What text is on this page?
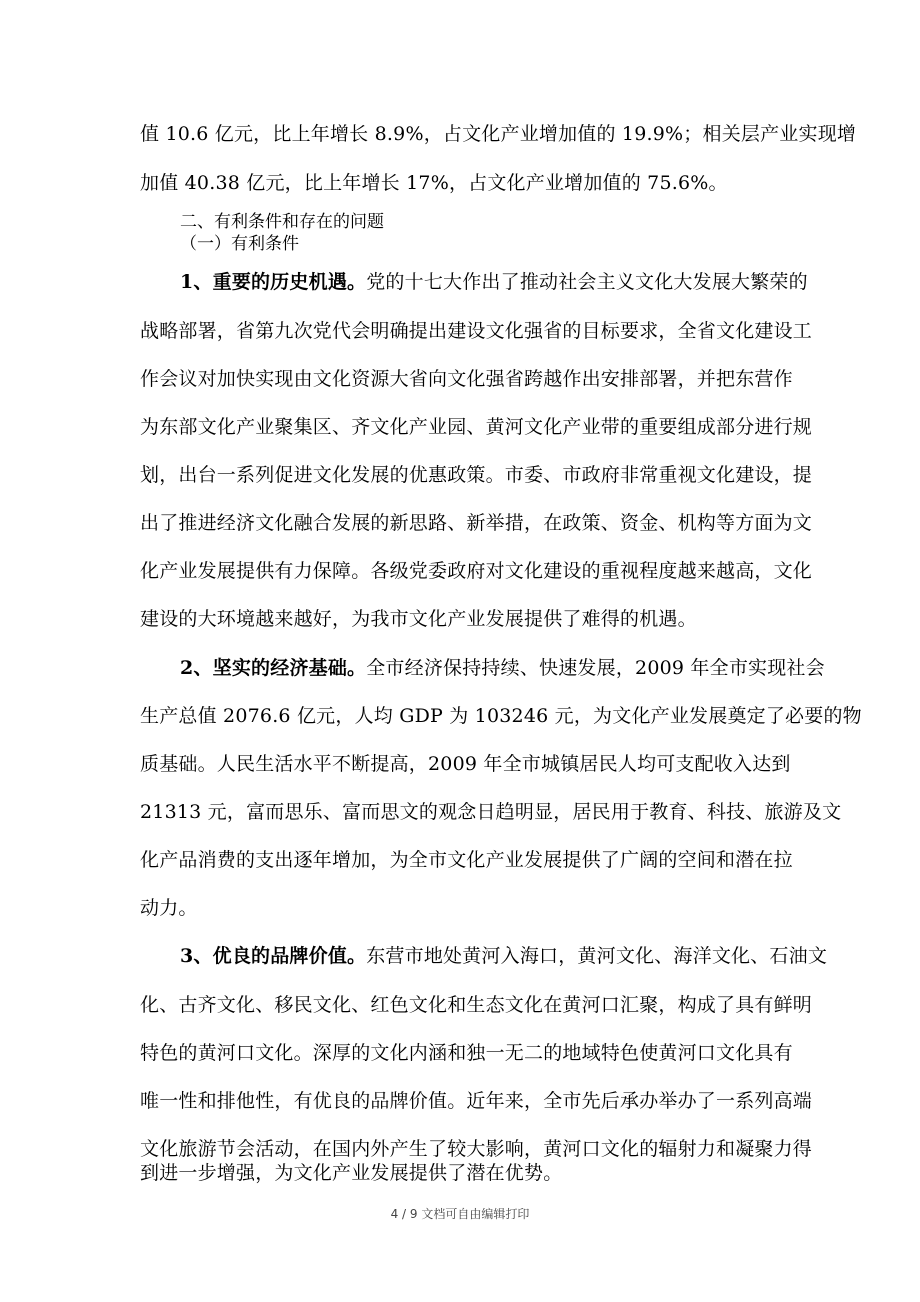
值 10.6 亿元，比上年增长 8.9%，占文化产业增加值的 19.9%；相关层产业实现增
加值 40.38 亿元，比上年增长 17%，占文化产业增加值的 75.6%。
二、有利条件和存在的问题
（一）有利条件
1、重要的历史机遇。党的十七大作出了推动社会主义文化大发展大繁荣的
战略部署，省第九次党代会明确提出建设文化强省的目标要求，全省文化建设工
作会议对加快实现由文化资源大省向文化强省跨越作出安排部署，并把东营作
为东部文化产业聚集区、齐文化产业园、黄河文化产业带的重要组成部分进行规
划，出台一系列促进文化发展的优惠政策。市委、市政府非常重视文化建设，提
出了推进经济文化融合发展的新思路、新举措，在政策、资金、机构等方面为文
化产业发展提供有力保障。各级党委政府对文化建设的重视程度越来越高，文化
建设的大环境越来越好，为我市文化产业发展提供了难得的机遇。
2、坚实的经济基础。全市经济保持持续、快速发展，2009 年全市实现社会
生产总值 2076.6 亿元，人均 GDP 为 103246 元，为文化产业发展奠定了必要的物
质基础。人民生活水平不断提高，2009 年全市城镇居民人均可支配收入达到
21313 元，富而思乐、富而思文的观念日趋明显，居民用于教育、科技、旅游及文
化产品消费的支出逐年增加，为全市文化产业发展提供了广阔的空间和潜在拉
动力。
3、优良的品牌价值。东营市地处黄河入海口，黄河文化、海洋文化、石油文
化、古齐文化、移民文化、红色文化和生态文化在黄河口汇聚，构成了具有鲜明
特色的黄河口文化。深厚的文化内涵和独一无二的地域特色使黄河口文化具有
唯一性和排他性，有优良的品牌价值。近年来，全市先后承办举办了一系列高端
文化旅游节会活动，在国内外产生了较大影响，黄河口文化的辐射力和凝聚力得
到进一步增强，为文化产业发展提供了潜在优势。
4 / 9 文档可自由编辑打印
